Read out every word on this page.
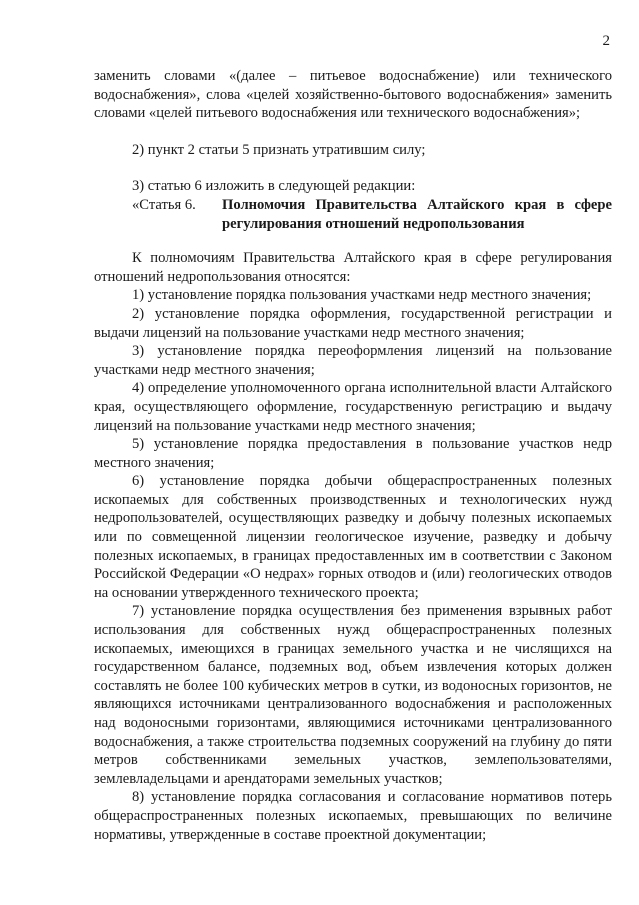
2

заменить словами «(далее – питьевое водоснабжение) или технического водоснабжения», слова «целей хозяйственно-бытового водоснабжения» заменить словами «целей питьевого водоснабжения или технического водоснабжения»;

2) пункт 2 статьи 5 признать утратившим силу;

3) статью 6 изложить в следующей редакции:

«Статья 6.	Полномочия Правительства Алтайского края в сфере регулирования отношений недропользования

К полномочиям Правительства Алтайского края в сфере регулирования отношений недропользования относятся:

1) установление порядка пользования участками недр местного значения;

2) установление порядка оформления, государственной регистрации и выдачи лицензий на пользование участками недр местного значения;

3) установление порядка переоформления лицензий на пользование участками недр местного значения;

4) определение уполномоченного органа исполнительной власти Алтайского края, осуществляющего оформление, государственную регистрацию и выдачу лицензий на пользование участками недр местного значения;

5) установление порядка предоставления в пользование участков недр местного значения;

6) установление порядка добычи общераспространенных полезных ископаемых для собственных производственных и технологических нужд недропользователей, осуществляющих разведку и добычу полезных ископаемых или по совмещенной лицензии геологическое изучение, разведку и добычу полезных ископаемых, в границах предоставленных им в соответствии с Законом Российской Федерации «О недрах» горных отводов и (или) геологических отводов на основании утвержденного технического проекта;

7) установление порядка осуществления без применения взрывных работ использования для собственных нужд общераспространенных полезных ископаемых, имеющихся в границах земельного участка и не числящихся на государственном балансе, подземных вод, объем извлечения которых должен составлять не более 100 кубических метров в сутки, из водоносных горизонтов, не являющихся источниками централизованного водоснабжения и расположенных над водоносными горизонтами, являющимися источниками централизованного водоснабжения, а также строительства подземных сооружений на глубину до пяти метров собственниками земельных участков, землепользователями, землевладельцами и арендаторами земельных участков;

8) установление порядка согласования и согласование нормативов потерь общераспространенных полезных ископаемых, превышающих по величине нормативы, утвержденные в составе проектной документации;
